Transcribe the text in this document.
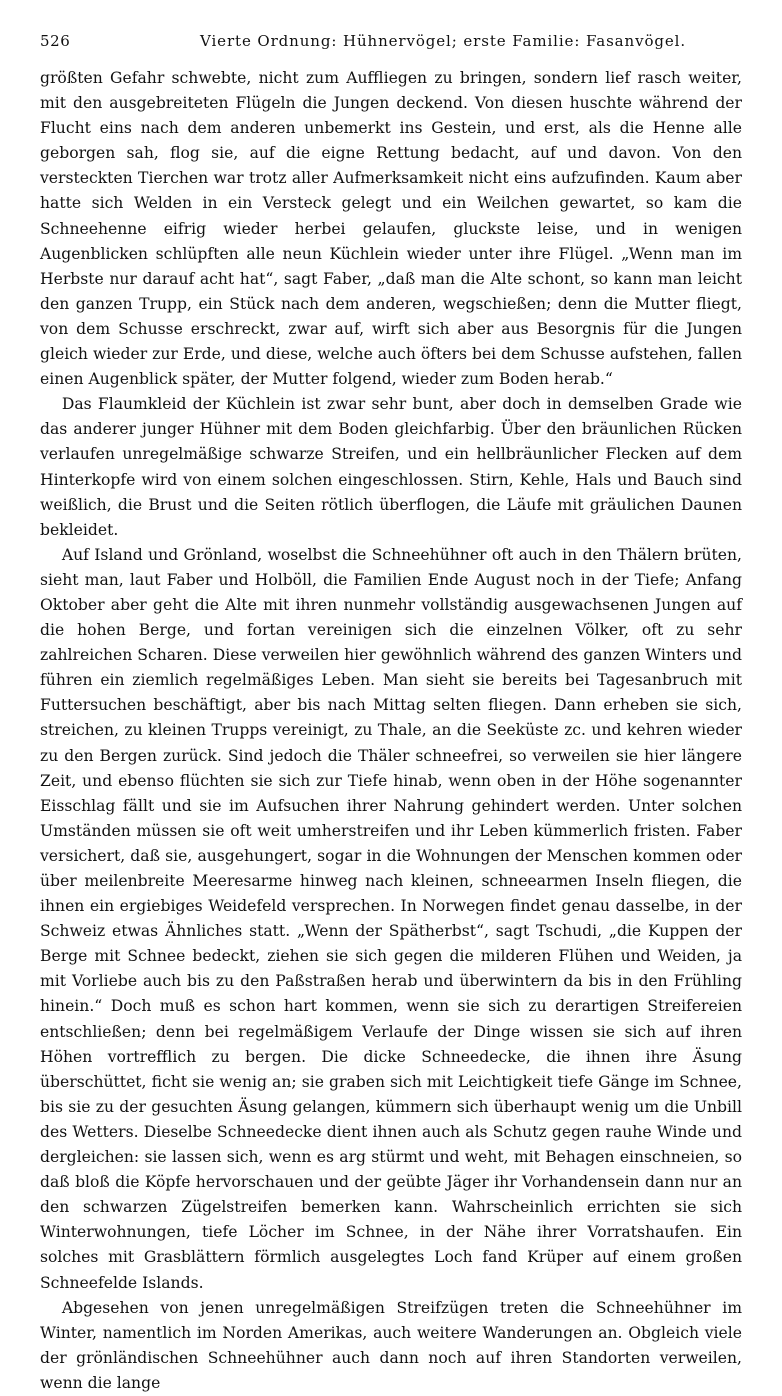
526	Vierte Ordnung: Hühnervögel; erste Familie: Fasanvögel.

größten Gefahr schwebte, nicht zum Auffliegen zu bringen, sondern lief rasch weiter, mit den ausgebreiteten Flügeln die Jungen deckend. Von diesen huschte während der Flucht eins nach dem anderen unbemerkt ins Gestein, und erst, als die Henne alle geborgen sah, flog sie, auf die eigne Rettung bedacht, auf und davon. Von den versteckten Tierchen war trotz aller Aufmerksamkeit nicht eins aufzufinden. Kaum aber hatte sich Welden in ein Versteck gelegt und ein Weilchen gewartet, so kam die Schneehenne eifrig wieder herbei gelaufen, gluckste leise, und in wenigen Augenblicken schlüpften alle neun Küchlein wieder unter ihre Flügel. „Wenn man im Herbste nur darauf acht hat“, sagt Faber, „daß man die Alte schont, so kann man leicht den ganzen Trupp, ein Stück nach dem anderen, wegschießen; denn die Mutter fliegt, von dem Schusse erschreckt, zwar auf, wirft sich aber aus Besorgnis für die Jungen gleich wieder zur Erde, und diese, welche auch öfters bei dem Schusse aufstehen, fallen einen Augenblick später, der Mutter folgend, wieder zum Boden herab.“

Das Flaumkleid der Küchlein ist zwar sehr bunt, aber doch in demselben Grade wie das anderer junger Hühner mit dem Boden gleichfarbig. Über den bräunlichen Rücken verlaufen unregelmäßige schwarze Streifen, und ein hellbräunlicher Flecken auf dem Hinterkopfe wird von einem solchen eingeschlossen. Stirn, Kehle, Hals und Bauch sind weißlich, die Brust und die Seiten rötlich überflogen, die Läufe mit gräulichen Daunen bekleidet.

Auf Island und Grönland, woselbst die Schneehühner oft auch in den Thälern brüten, sieht man, laut Faber und Holböll, die Familien Ende August noch in der Tiefe; Anfang Oktober aber geht die Alte mit ihren nunmehr vollständig ausgewachsenen Jungen auf die hohen Berge, und fortan vereinigen sich die einzelnen Völker, oft zu sehr zahlreichen Scharen. Diese verweilen hier gewöhnlich während des ganzen Winters und führen ein ziemlich regelmäßiges Leben. Man sieht sie bereits bei Tagesanbruch mit Futtersuchen beschäftigt, aber bis nach Mittag selten fliegen. Dann erheben sie sich, streichen, zu kleinen Trupps vereinigt, zu Thale, an die Seeküste zc. und kehren wieder zu den Bergen zurück. Sind jedoch die Thäler schneefrei, so verweilen sie hier längere Zeit, und ebenso flüchten sie sich zur Tiefe hinab, wenn oben in der Höhe sogenannter Eisschlag fällt und sie im Aufsuchen ihrer Nahrung gehindert werden. Unter solchen Umständen müssen sie oft weit umherstreifen und ihr Leben kümmerlich fristen. Faber versichert, daß sie, ausgehungert, sogar in die Wohnungen der Menschen kommen oder über meilenbreite Meeresarme hinweg nach kleinen, schneearmen Inseln fliegen, die ihnen ein ergiebiges Weidefeld versprechen. In Norwegen findet genau dasselbe, in der Schweiz etwas Ähnliches statt. „Wenn der Spätherbst“, sagt Tschudi, „die Kuppen der Berge mit Schnee bedeckt, ziehen sie sich gegen die milderen Flühen und Weiden, ja mit Vorliebe auch bis zu den Paßstraßen herab und überwintern da bis in den Frühling hinein.“ Doch muß es schon hart kommen, wenn sie sich zu derartigen Streifereien entschließen; denn bei regelmäßigem Verlaufe der Dinge wissen sie sich auf ihren Höhen vortrefflich zu bergen. Die dicke Schneedecke, die ihnen ihre Äsung überschüttet, ficht sie wenig an; sie graben sich mit Leichtigkeit tiefe Gänge im Schnee, bis sie zu der gesuchten Äsung gelangen, kümmern sich überhaupt wenig um die Unbill des Wetters. Dieselbe Schneedecke dient ihnen auch als Schutz gegen rauhe Winde und dergleichen: sie lassen sich, wenn es arg stürmt und weht, mit Behagen einschneien, so daß bloß die Köpfe hervorschauen und der geübte Jäger ihr Vorhandensein dann nur an den schwarzen Zügelstreifen bemerken kann. Wahrscheinlich errichten sie sich Winterwohnungen, tiefe Löcher im Schnee, in der Nähe ihrer Vorratshaufen. Ein solches mit Grasblättern förmlich ausgelegtes Loch fand Krüper auf einem großen Schneefelde Islands.

Abgesehen von jenen unregelmäßigen Streifzügen treten die Schneehühner im Winter, namentlich im Norden Amerikas, auch weitere Wanderungen an. Obgleich viele der grönländischen Schneehühner auch dann noch auf ihren Standorten verweilen, wenn die lange
